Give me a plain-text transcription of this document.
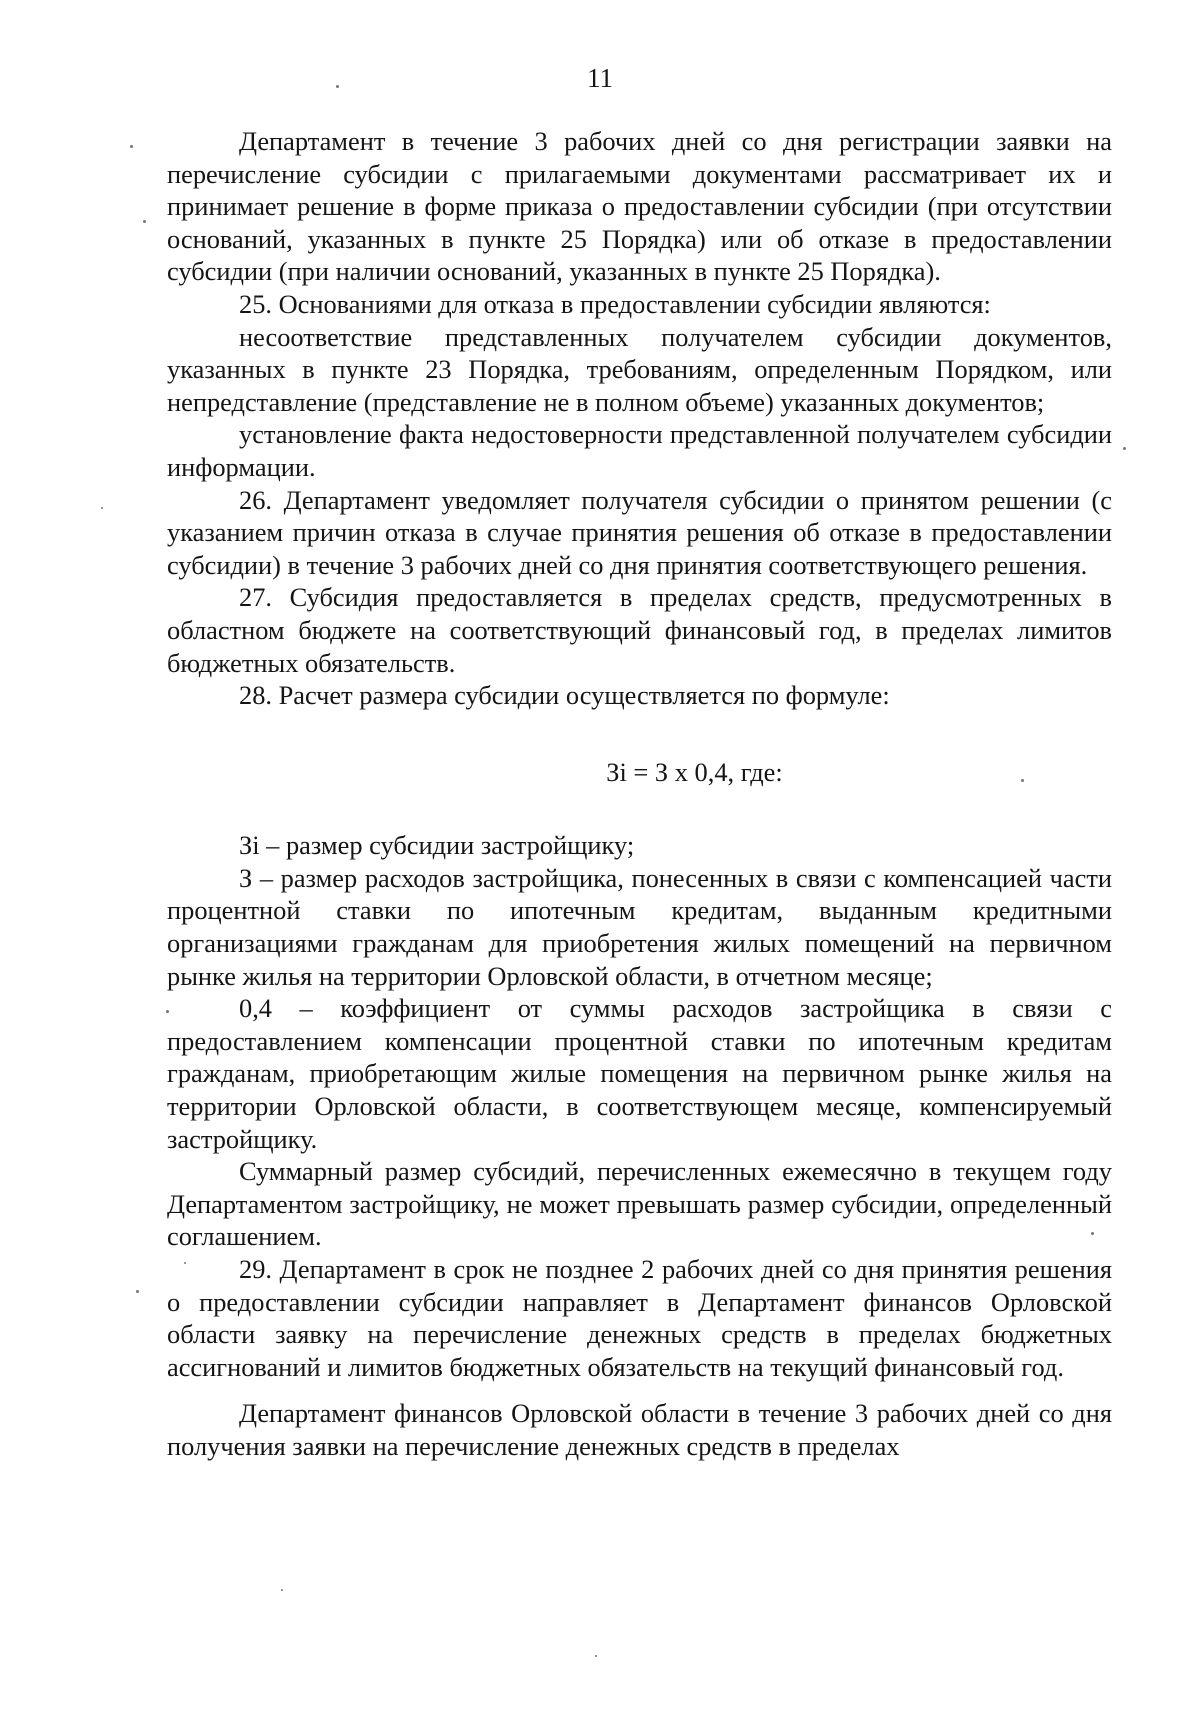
11

Департамент в течение 3 рабочих дней со дня регистрации заявки на перечисление субсидии с прилагаемыми документами рассматривает их и принимает решение в форме приказа о предоставлении субсидии (при отсутствии оснований, указанных в пункте 25 Порядка) или об отказе в предоставлении субсидии (при наличии оснований, указанных в пункте 25 Порядка).

25. Основаниями для отказа в предоставлении субсидии являются:

несоответствие представленных получателем субсидии документов, указанных в пункте 23 Порядка, требованиям, определенным Порядком, или непредставление (представление не в полном объеме) указанных документов;

установление факта недостоверности представленной получателем субсидии информации.

26. Департамент уведомляет получателя субсидии о принятом решении (с указанием причин отказа в случае принятия решения об отказе в предоставлении субсидии) в течение 3 рабочих дней со дня принятия соответствующего решения.

27. Субсидия предоставляется в пределах средств, предусмотренных в областном бюджете на соответствующий финансовый год, в пределах лимитов бюджетных обязательств.

28. Расчет размера субсидии осуществляется по формуле:

Зi = З х 0,4, где:

Зi – размер субсидии застройщику;

З – размер расходов застройщика, понесенных в связи с компенсацией части процентной ставки по ипотечным кредитам, выданным кредитными организациями гражданам для приобретения жилых помещений на первичном рынке жилья на территории Орловской области, в отчетном месяце;

0,4 – коэффициент от суммы расходов застройщика в связи с предоставлением компенсации процентной ставки по ипотечным кредитам гражданам, приобретающим жилые помещения на первичном рынке жилья на территории Орловской области, в соответствующем месяце, компенсируемый застройщику.

Суммарный размер субсидий, перечисленных ежемесячно в текущем году Департаментом застройщику, не может превышать размер субсидии, определенный соглашением.

29. Департамент в срок не позднее 2 рабочих дней со дня принятия решения о предоставлении субсидии направляет в Департамент финансов Орловской области заявку на перечисление денежных средств в пределах бюджетных ассигнований и лимитов бюджетных обязательств на текущий финансовый год.

Департамент финансов Орловской области в течение 3 рабочих дней со дня получения заявки на перечисление денежных средств в пределах
